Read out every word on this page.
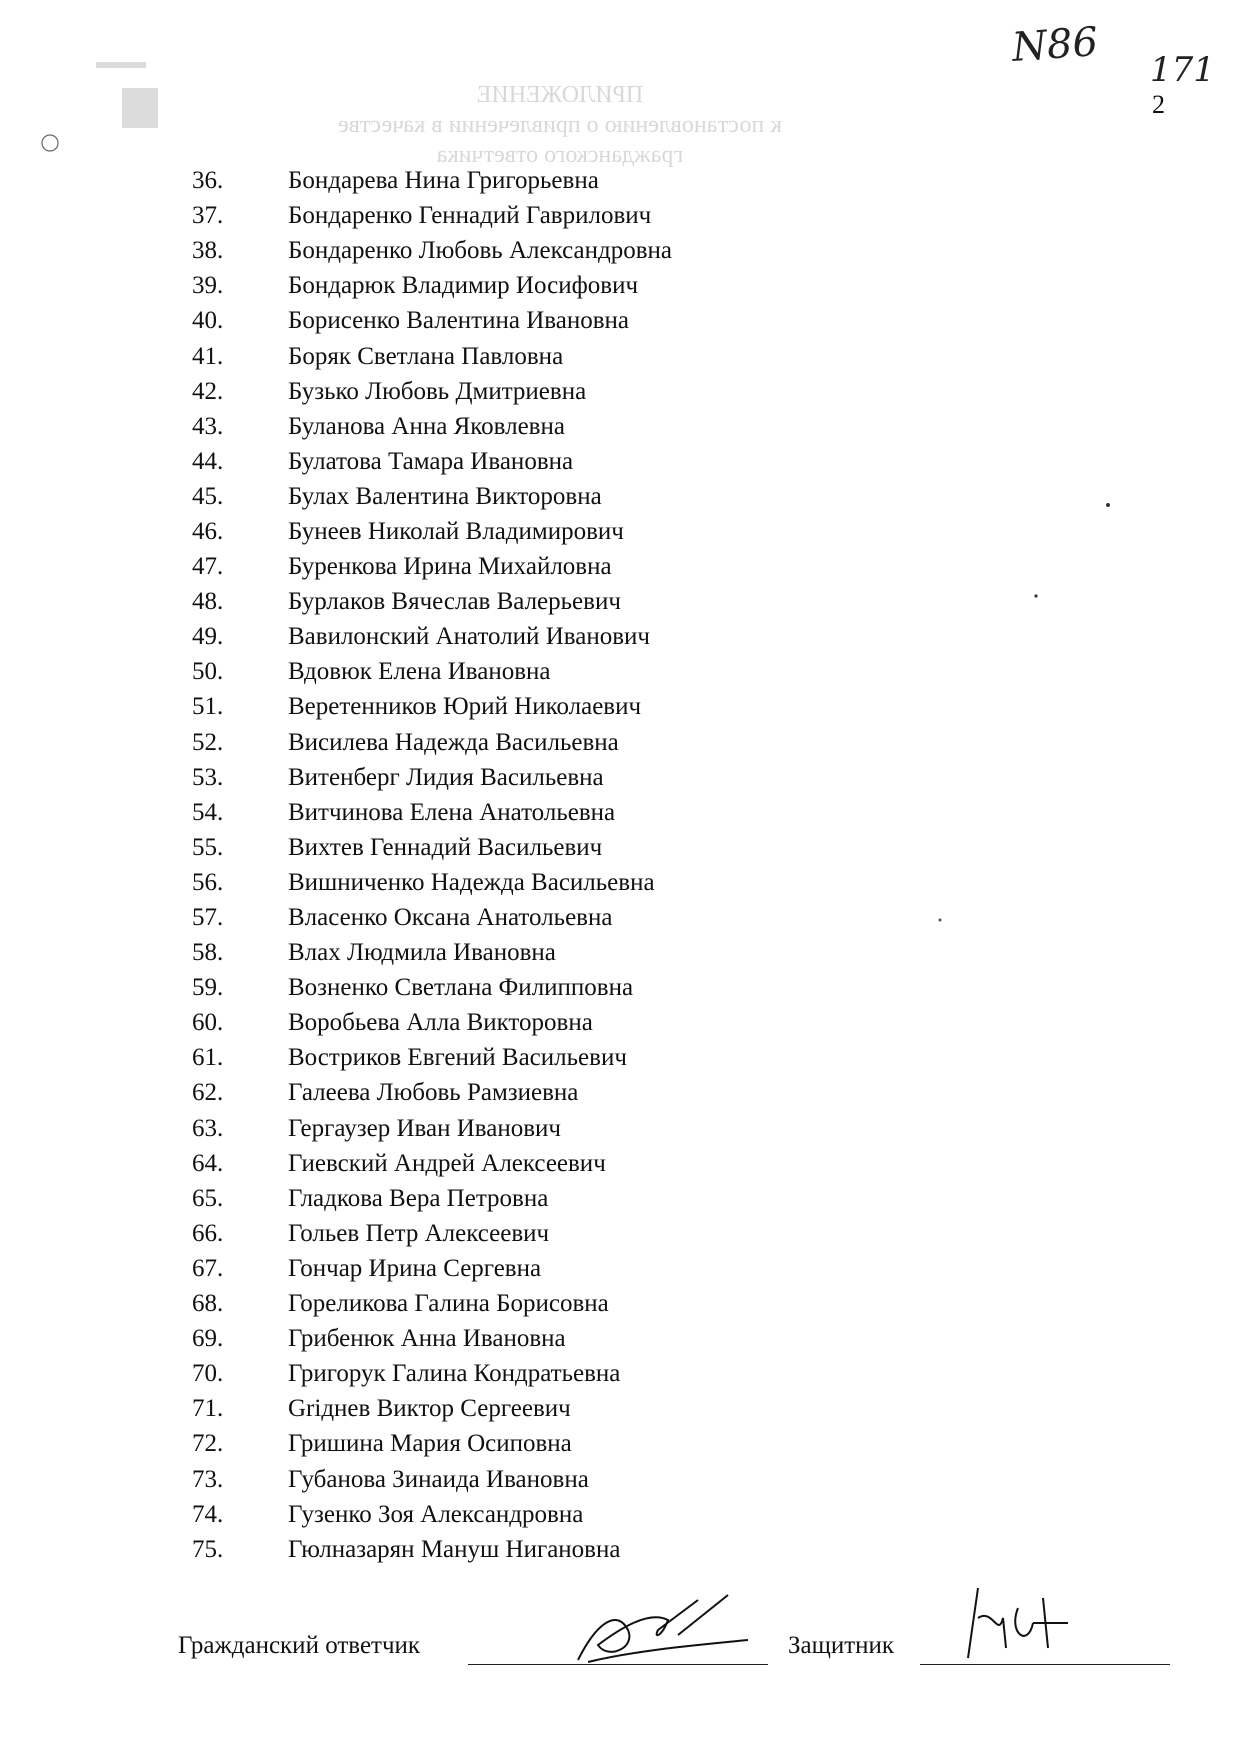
ПРИЛОЖЕНИЕ
к постановлению о привлечении в качестве
гражданского ответчика
N86 171
2
36.	Бондарева Нина Григорьевна
37.	Бондаренко Геннадий Гаврилович
38.	Бондаренко Любовь Александровна
39.	Бондарюк Владимир Иосифович
40.	Борисенко Валентина Ивановна
41.	Боряк Светлана Павловна
42.	Бузько Любовь Дмитриевна
43.	Буланова Анна Яковлевна
44.	Булатова Тамара Ивановна
45.	Булах Валентина Викторовна
46.	Бунеев Николай Владимирович
47.	Буренкова Ирина Михайловна
48.	Бурлаков Вячеслав Валерьевич
49.	Вавилонский Анатолий Иванович
50.	Вдовюк Елена Ивановна
51.	Веретенников Юрий Николаевич
52.	Висилева Надежда Васильевна
53.	Витенберг Лидия Васильевна
54.	Витчинова Елена Анатольевна
55.	Вихтев Геннадий Васильевич
56.	Вишниченко Надежда Васильевна
57.	Власенко Оксана Анатольевна
58.	Влах Людмила Ивановна
59.	Возненко Светлана Филипповна
60.	Воробьева Алла Викторовна
61.	Востриков Евгений Васильевич
62.	Галеева Любовь Рамзиевна
63.	Гергаузер Иван Иванович
64.	Гиевский Андрей Алексеевич
65.	Гладкова Вера Петровна
66.	Гольев Петр Алексеевич
67.	Гончар Ирина Сергевна
68.	Гореликова Галина Борисовна
69.	Грибенюк Анна Ивановна
70.	Григорук Галина Кондратьевна
71.	Griднев Виктор Сергеевич
72.	Гришина Мария Осиповна
73.	Губанова Зинаида Ивановна
74.	Гузенко Зоя Александровна
75.	Гюлназарян Мануш Нигановна
Гражданский ответчик	Защитник
